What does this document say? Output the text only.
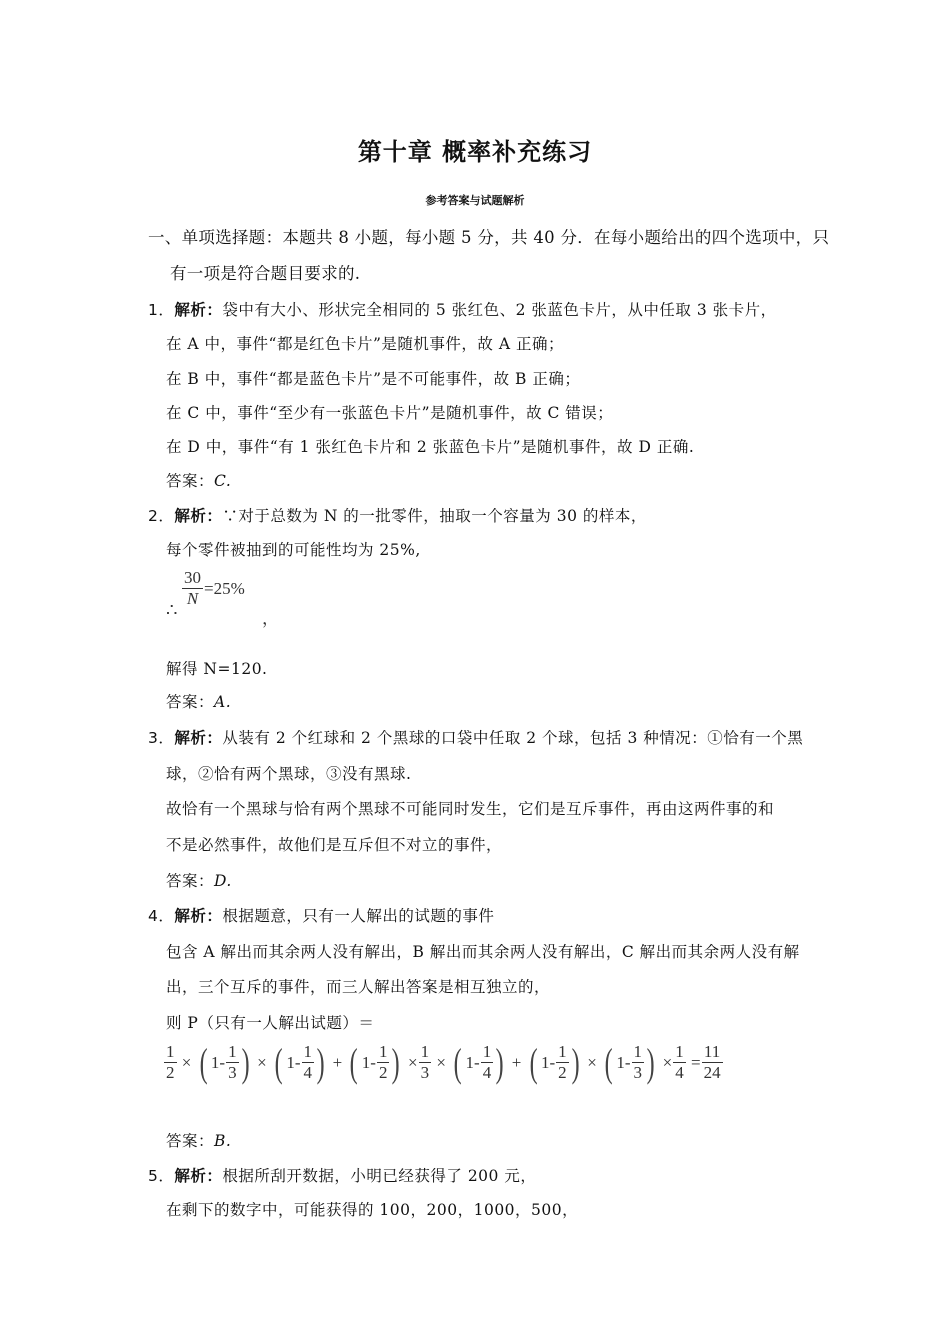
第十章 概率补充练习
参考答案与试题解析
一、单项选择题：本题共 8 小题，每小题 5 分，共 40 分．在每小题给出的四个选项中，只
有一项是符合题目要求的.
1．解析：袋中有大小、形状完全相同的 5 张红色、2 张蓝色卡片，从中任取 3 张卡片，
在 A 中，事件“都是红色卡片”是随机事件，故 A 正确；
在 B 中，事件“都是蓝色卡片”是不可能事件，故 B 正确；
在 C 中，事件“至少有一张蓝色卡片”是随机事件，故 C 错误；
在 D 中，事件“有 1 张红色卡片和 2 张蓝色卡片”是随机事件，故 D 正确.
答案：C.
2．解析：∵对于总数为 N 的一批零件，抽取一个容量为 30 的样本，
每个零件被抽到的可能性均为 25%,
∴
$\frac{30}{N} =25\%$
，
解得 N=120.
答案：A.
3．解析：从装有 2 个红球和 2 个黑球的口袋中任取 2 个球，包括 3 种情况：①恰有一个黑
球，②恰有两个黑球，③没有黑球.
故恰有一个黑球与恰有两个黑球不可能同时发生，它们是互斥事件，再由这两件事的和
不是必然事件，故他们是互斥但不对立的事件，
答案：D.
4．解析：根据题意，只有一人解出的试题的事件
包含 A 解出而其余两人没有解出，B 解出而其余两人没有解出，C 解出而其余两人没有解
出，三个互斥的事件，而三人解出答案是相互独立的，
则 P（只有一人解出试题）＝
$\frac{1}{2}$ × ( $1- \frac{1}{3}$ ) × ( $1- \frac{1}{4}$ ) + ( $1- \frac{1}{2}$ ) × $\frac{1}{3}$ × ( $1- \frac{1}{4}$ ) + ( $1- \frac{1}{2}$ ) × ( $1- \frac{1}{3}$ ) × $\frac{1}{4} = \frac{11}{24}$
答案：B.
5．解析：根据所刮开数据，小明已经获得了 200 元，
在剩下的数字中，可能获得的 100，200，1000，500，
